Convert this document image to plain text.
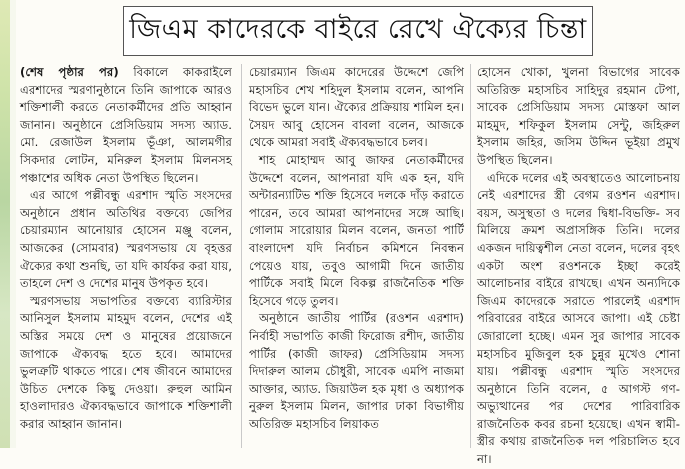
জিএম কাদেরকে বাইরে রেখে ঐক্যের চিন্তা

(শেষ পৃষ্ঠার পর) বিকালে কাকরাইলে এরশাদের স্মরণানুষ্ঠানে তিনি জাপাকে আরও শক্তিশালী করতে নেতাকর্মীদের প্রতি আহ্বান জানান। অনুষ্ঠানে প্রেসিডিয়াম সদস্য অ্যাড. মো. রেজাউল ইসলাম ভূঁঞা, আলমগীর সিকদার লোটন, মনিরুল ইসলাম মিলনসহ পঞ্চাশের অধিক নেতা উপস্থিত ছিলেন।

এর আগে পল্লীবন্ধু এরশাদ স্মৃতি সংসদের অনুষ্ঠানে প্রধান অতিথির বক্তব্যে জেপির চেয়ারম্যান আনোয়ার হোসেন মঞ্জু বলেন, আজকের (সোমবার) স্মরণসভায় যে বৃহত্তর ঐক্যের কথা শুনছি, তা যদি কার্যকর করা যায়, তাহলে দেশ ও দেশের মানুষ উপকৃত হবে।

স্মরণসভায় সভাপতির বক্তব্যে ব্যারিস্টার আনিসুল ইসলাম মাহমুদ বলেন, দেশের এই অস্তির সময়ে দেশ ও মানুষের প্রয়োজনে জাপাকে ঐক্যবদ্ধ হতে হবে। আমাদের ভুলত্রুটি থাকতে পারে। শেষ জীবনে আমাদের উচিত দেশকে কিছু দেওয়া। রুহুল আমিন হাওলাদারও ঐক্যবদ্ধভাবে জাপাকে শক্তিশালী করার আহ্বান জানান।

চেয়ারম্যান জিএম কাদেরের উদ্দেশে জেপি মহাসচিব শেখ শহিদুল ইসলাম বলেন, আপনি বিভেদ ভুলে যান। ঐক্যের প্রক্রিয়ায় শামিল হন। সৈয়দ আবু হোসেন বাবলা বলেন, আজকে থেকে আমরা সবাই ঐক্যবদ্ধভাবে চলব।

শাহ মোহাম্মদ আবু জাফর নেতাকর্মীদের উদ্দেশে বলেন, আপনারা যদি এক হন, যদি অন্টারন্যাটিভ শক্তি হিসেবে দলকে দাঁড় করাতে পারেন, তবে আমরা আপনাদের সঙ্গে আছি। গোলাম সারোয়ার মিলন বলেন, জনতা পার্টি বাংলাদেশ যদি নির্বাচন কমিশনে নিবন্ধন পেয়েও যায়, তবুও আগামী দিনে জাতীয় পার্টিকে সবাই মিলে বিকল্প রাজনৈতিক শক্তি হিসেবে গড়ে তুলব।

অনুষ্ঠানে জাতীয় পার্টির (রওশন এরশাদ) নির্বাহী সভাপতি কাজী ফিরোজ রশীদ, জাতীয় পার্টির (কাজী জাফর) প্রেসিডিয়াম সদস্য দিদারুল আলম চৌধুরী, সাবেক এমপি নাজমা আক্তার, অ্যাড. জিয়াউল হক মৃধা ও অধ্যাপক নুরুল ইসলাম মিলন, জাপার ঢাকা বিভাগীয় অতিরিক্ত মহাসচিব লিয়াকত

হোসেন খোকা, খুলনা বিভাগের সাবেক অতিরিক্ত মহাসচিব সাহিদুর রহমান টেপা, সাবেক প্রেসিডিয়াম সদস্য মোস্তফা আল মাহমুদ, শফিকুল ইসলাম সেন্টু, জহিরুল ইসলাম জহির, জসিম উদ্দিন ভূইয়া প্রমুখ উপস্থিত ছিলেন।

এদিকে দলের এই অবস্থাতেও আলোচনায় নেই এরশাদের স্ত্রী বেগম রওশন এরশাদ। বয়স, অসুস্থতা ও দলের দ্বিধা-বিভক্তি- সব মিলিয়ে ক্রমশ অপ্রাসঙ্গিক তিনি। দলের একজন দায়িত্বশীল নেতা বলেন, দলের বৃহৎ একটা অংশ রওশনকে ইচ্ছা করেই আলোচনার বাইরে রাখছে। এখন অন্যদিকে জিএম কাদেরকে সরাতে পারলেই এরশাদ পরিবারের বাইরে আসবে জাপা। এই চেষ্টা জোরালো হচ্ছে। এমন সুর জাপার সাবেক মহাসচিব মুজিবুল হক চুন্নুর মুখেও শোনা যায়। পল্লীবন্ধু এরশাদ স্মৃতি সংসদের অনুষ্ঠানে তিনি বলেন, ৫ আগস্ট গণ-অভ্যুত্থানের পর দেশের পারিবারিক রাজনৈতিক কবর রচনা হয়েছে। এখন স্বামী-স্ত্রীর কথায় রাজনৈতিক দল পরিচালিত হবে না।
